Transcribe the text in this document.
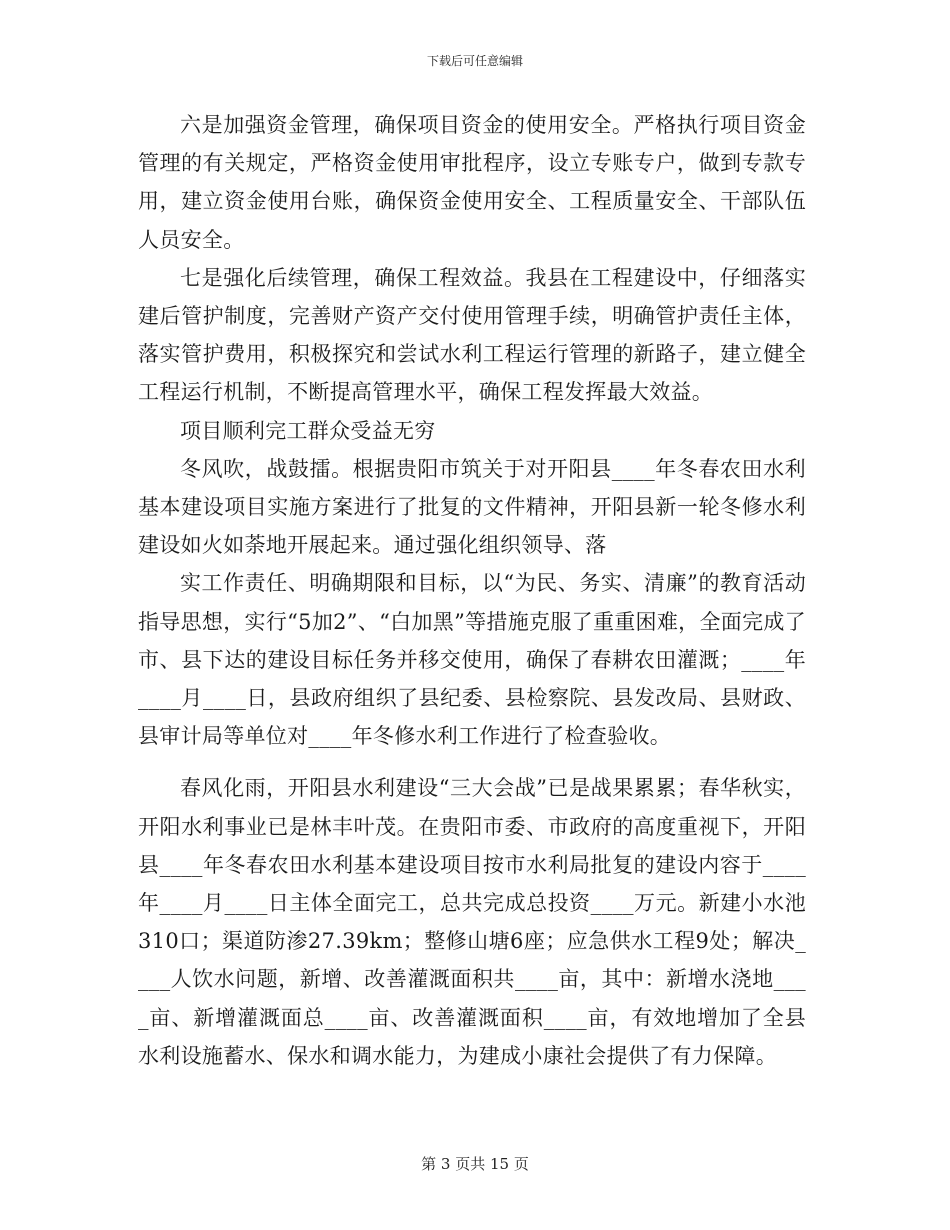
下载后可任意编辑

六是加强资金管理，确保项目资金的使用安全。严格执行项目资金管理的有关规定，严格资金使用审批程序，设立专账专户，做到专款专用，建立资金使用台账，确保资金使用安全、工程质量安全、干部队伍人员安全。

七是强化后续管理，确保工程效益。我县在工程建设中，仔细落实建后管护制度，完善财产资产交付使用管理手续，明确管护责任主体，落实管护费用，积极探究和尝试水利工程运行管理的新路子，建立健全工程运行机制，不断提高管理水平，确保工程发挥最大效益。

项目顺利完工群众受益无穷

冬风吹，战鼓擂。根据贵阳市筑关于对开阳县____年冬春农田水利基本建设项目实施方案进行了批复的文件精神，开阳县新一轮冬修水利建设如火如荼地开展起来。通过强化组织领导、落

实工作责任、明确期限和目标，以“为民、务实、清廉”的教育活动指导思想，实行“5加2”、“白加黑”等措施克服了重重困难，全面完成了市、县下达的建设目标任务并移交使用，确保了春耕农田灌溉；____年____月____日，县政府组织了县纪委、县检察院、县发改局、县财政、县审计局等单位对____年冬修水利工作进行了检查验收。

春风化雨，开阳县水利建设“三大会战”已是战果累累；春华秋实，开阳水利事业已是林丰叶茂。在贵阳市委、市政府的高度重视下，开阳县____年冬春农田水利基本建设项目按市水利局批复的建设内容于____年____月____日主体全面完工，总共完成总投资____万元。新建小水池310口；渠道防渗27.39km；整修山塘6座；应急供水工程9处；解决____人饮水问题，新增、改善灌溉面积共____亩，其中：新增水浇地____亩、新增灌溉面总____亩、改善灌溉面积____亩，有效地增加了全县水利设施蓄水、保水和调水能力，为建成小康社会提供了有力保障。

第 3 页共 15 页
